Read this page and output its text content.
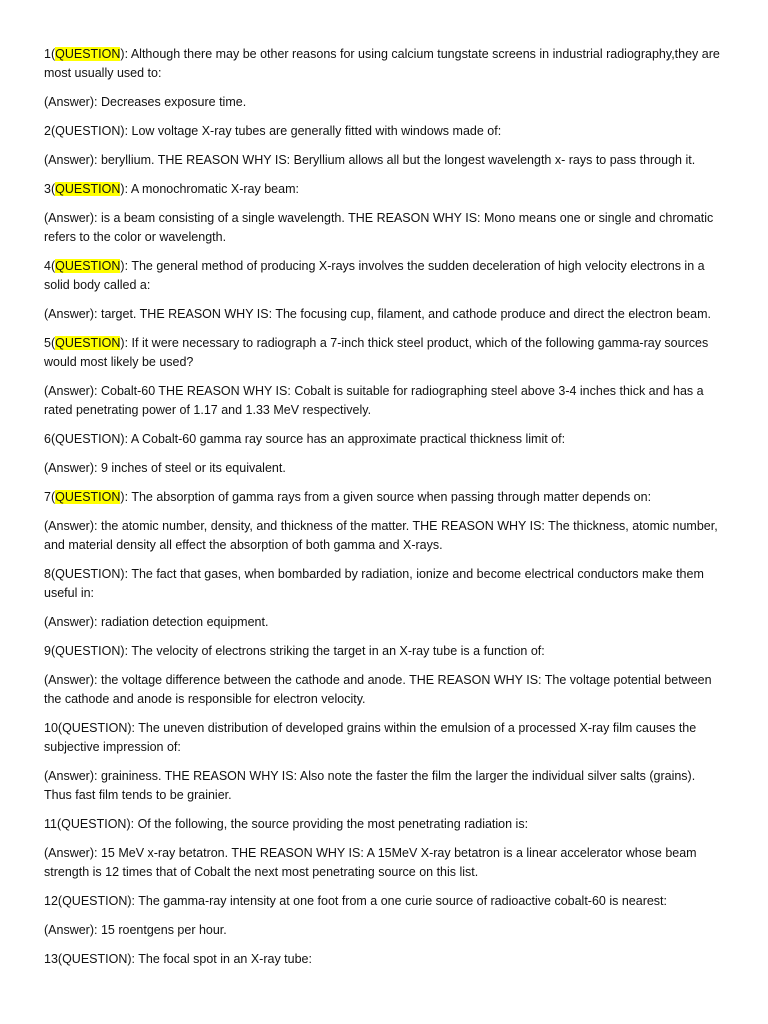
1(QUESTION): Although there may be other reasons for using calcium tungstate screens in industrial radiography,they are most usually used to:

(Answer): Decreases exposure time.

2(QUESTION): Low voltage X-ray tubes are generally fitted with windows made of:

(Answer): beryllium. THE REASON WHY IS: Beryllium allows all but the longest wavelength x- rays to pass through it.

3(QUESTION): A monochromatic X-ray beam:

(Answer): is a beam consisting of a single wavelength. THE REASON WHY IS: Mono means one or single and chromatic refers to the color or wavelength.

4(QUESTION): The general method of producing X-rays involves the sudden deceleration of high velocity electrons in a solid body called a:

(Answer): target. THE REASON WHY IS: The focusing cup, filament, and cathode produce and direct the electron beam.

5(QUESTION): If it were necessary to radiograph a 7-inch thick steel product, which of the following gamma-ray sources would most likely be used?

(Answer): Cobalt-60 THE REASON WHY IS: Cobalt is suitable for radiographing steel above 3-4 inches thick and has a rated penetrating power of 1.17 and 1.33 MeV respectively.

6(QUESTION): A Cobalt-60 gamma ray source has an approximate practical thickness limit of:

(Answer): 9 inches of steel or its equivalent.

7(QUESTION): The absorption of gamma rays from a given source when passing through matter depends on:

(Answer): the atomic number, density, and thickness of the matter. THE REASON WHY IS: The thickness, atomic number, and material density all effect the absorption of both gamma and X-rays.

8(QUESTION): The fact that gases, when bombarded by radiation, ionize and become electrical conductors make them useful in:

(Answer): radiation detection equipment.

9(QUESTION): The velocity of electrons striking the target in an X-ray tube is a function of:

(Answer): the voltage difference between the cathode and anode. THE REASON WHY IS: The voltage potential between the cathode and anode is responsible for electron velocity.

10(QUESTION): The uneven distribution of developed grains within the emulsion of a processed X-ray film causes the subjective impression of:

(Answer): graininess. THE REASON WHY IS: Also note the faster the film the larger the individual silver salts (grains). Thus fast film tends to be grainier.

11(QUESTION): Of the following, the source providing the most penetrating radiation is:

(Answer): 15 MeV x-ray betatron. THE REASON WHY IS: A 15MeV X-ray betatron is a linear accelerator whose beam strength is 12 times that of Cobalt the next most penetrating source on this list.

12(QUESTION): The gamma-ray intensity at one foot from a one curie source of radioactive cobalt-60 is nearest:

(Answer): 15 roentgens per hour.

13(QUESTION): The focal spot in an X-ray tube:
